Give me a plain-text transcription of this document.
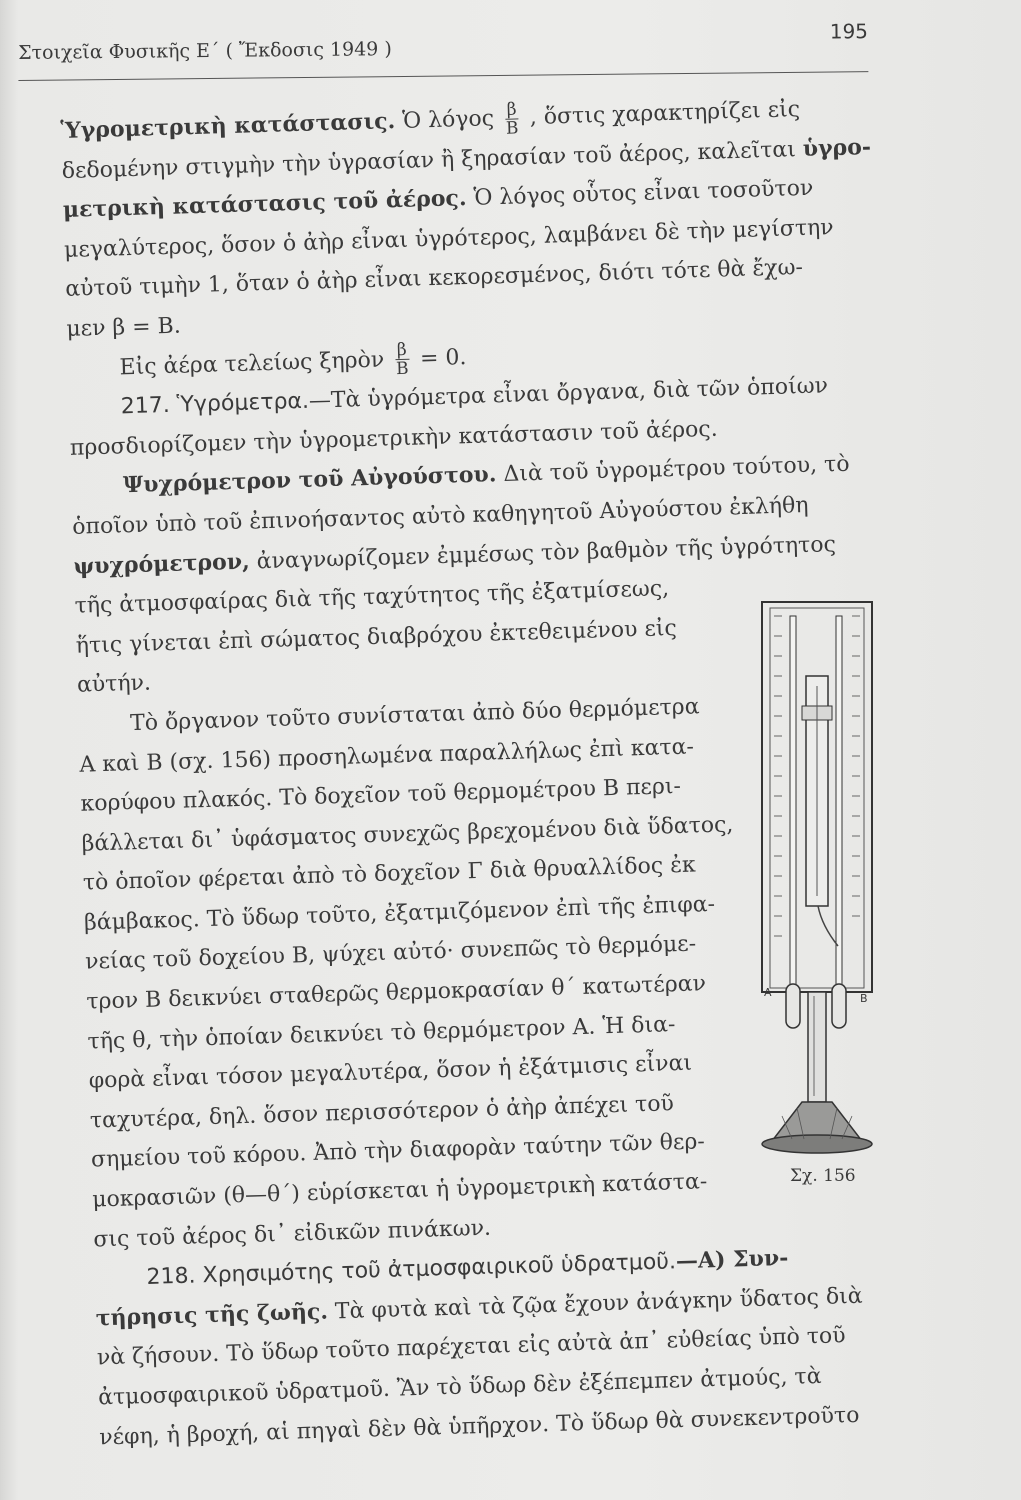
Στοιχεῖα Φυσικῆς Ε΄ ( Ἔκδοσις 1949 )
195
Ὑγρομετρικὴ κατάστασις. Ὁ λόγος $\frac{\beta}{B}$ , ὅστις χαρακτηρίζει εἰς
δεδομένην στιγμὴν τὴν ὑγρασίαν ἢ ξηρασίαν τοῦ ἀέρος, καλεῖται ὑγρο-
μετρικὴ κατάστασις τοῦ ἀέρος. Ὁ λόγος οὗτος εἶναι τοσοῦτον
μεγαλύτερος, ὅσον ὁ ἀὴρ εἶναι ὑγρότερος, λαμβάνει δὲ τὴν μεγίστην
αὐτοῦ τιμὴν 1, ὅταν ὁ ἀὴρ εἶναι κεκορεσμένος, διότι τότε θὰ ἔχω-
μεν β = Β.
Εἰς ἀέρα τελείως ξηρὸν $\frac{\beta}{B} = 0$.
217. Ὑγρόμετρα.—Τὰ ὑγρόμετρα εἶναι ὄργανα, διὰ τῶν ὁποίων
προσδιορίζομεν τὴν ὑγρομετρικὴν κατάστασιν τοῦ ἀέρος.
Ψυχρόμετρον τοῦ Αὐγούστου. Διὰ τοῦ ὑγρομέτρου τούτου, τὸ
ὁποῖον ὑπὸ τοῦ ἐπινοήσαντος αὐτὸ καθηγητοῦ Αὐγούστου ἐκλήθη
ψυχρόμετρον, ἀναγνωρίζομεν ἐμμέσως τὸν βαθμὸν τῆς ὑγρότητος
τῆς ἀτμοσφαίρας διὰ τῆς ταχύτητος τῆς ἐξατμίσεως,
ἥτις γίνεται ἐπὶ σώματος διαβρόχου ἐκτεθειμένου εἰς
αὐτήν.
Τὸ ὄργανον τοῦτο συνίσταται ἀπὸ δύο θερμόμετρα
Α καὶ Β (σχ. 156) προσηλωμένα παραλλήλως ἐπὶ κατα-
κορύφου πλακός. Τὸ δοχεῖον τοῦ θερμομέτρου Β περι-
βάλλεται δι᾽ ὑφάσματος συνεχῶς βρεχομένου διὰ ὕδατος,
τὸ ὁποῖον φέρεται ἀπὸ τὸ δοχεῖον Γ διὰ θρυαλλίδος ἐκ
βάμβακος. Τὸ ὕδωρ τοῦτο, ἐξατμιζόμενον ἐπὶ τῆς ἐπιφα-
νείας τοῦ δοχείου Β, ψύχει αὐτό· συνεπῶς τὸ θερμόμε-
τρον Β δεικνύει σταθερῶς θερμοκρασίαν θ΄ κατωτέραν
τῆς θ, τὴν ὁποίαν δεικνύει τὸ θερμόμετρον Α. Ἡ δια-
φορὰ εἶναι τόσον μεγαλυτέρα, ὅσον ἡ ἐξάτμισις εἶναι
ταχυτέρα, δηλ. ὅσον περισσότερον ὁ ἀὴρ ἀπέχει τοῦ
σημείου τοῦ κόρου. Ἀπὸ τὴν διαφορὰν ταύτην τῶν θερ-
μοκρασιῶν (θ—θ΄) εὑρίσκεται ἡ ὑγρομετρικὴ κατάστα-
σις τοῦ ἀέρος δι᾽ εἰδικῶν πινάκων.
218. Χρησιμότης τοῦ ἀτμοσφαιρικοῦ ὑδρατμοῦ.—Α) Συν-
τήρησις τῆς ζωῆς. Τὰ φυτὰ καὶ τὰ ζῷα ἔχουν ἀνάγκην ὕδατος διὰ
νὰ ζήσουν. Τὸ ὕδωρ τοῦτο παρέχεται εἰς αὐτὰ ἀπ᾽ εὐθείας ὑπὸ τοῦ
ἀτμοσφαιρικοῦ ὑδρατμοῦ. Ἂν τὸ ὕδωρ δὲν ἐξέπεμπεν ἀτμούς, τὰ
νέφη, ἡ βροχή, αἱ πηγαὶ δὲν θὰ ὑπῆρχον. Τὸ ὕδωρ θὰ συνεκεντροῦτο
Α	Β
Σχ. 156
